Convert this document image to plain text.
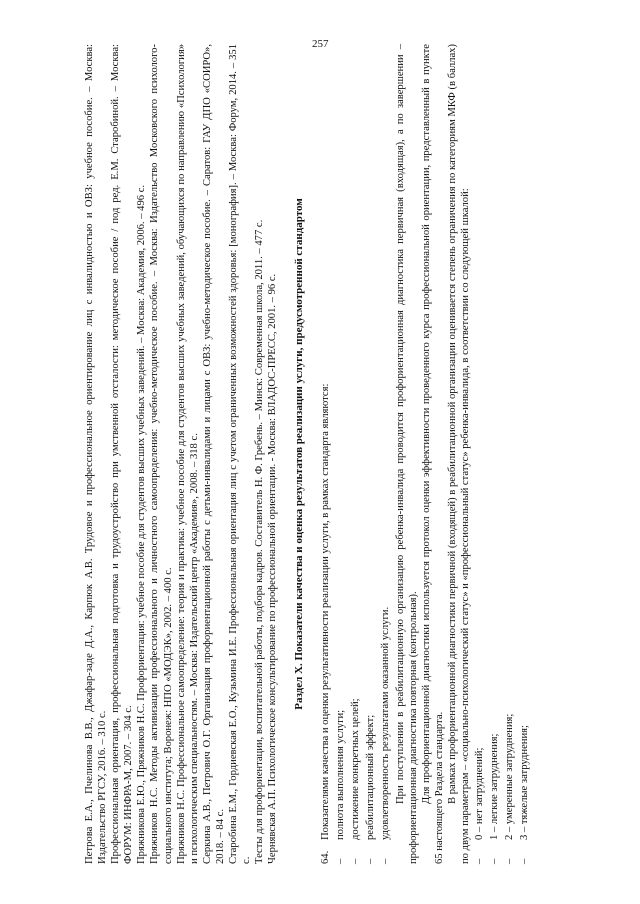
257

Петрова Е.А., Пчелинова В.В., Джафар-заде Д.А., Карпюк А.В. Трудовое и профессиональное ориентирование лиц с инвалидностью и ОВЗ: учебное пособие. – Москва: Издательство РГСУ, 2016. – 310 с. Профессиональная ориентация, профессиональная подготовка и трудоустройство при умственной отсталости: методическое пособие / под ред. Е.М. Старобиной. – Москва: ФОРУМ: ИНФРА-М, 2007. – 304 с. Пряжникова Е.Ю., Пряжников Н.С. Профориентация: учебное пособие для студентов высших учебных заведений. – Москва: Академия, 2006. – 496 с. Пряжников Н.С. Методы активизации профессионального и личностного самоопределения: учебно-методическое пособие. – Москва: Издательство Московского психолого-социального института; Воронеж: НПО «МОДЭК», 2002. – 400 с. Пряжников Н.С. Профессиональное самоопределение: теория и практика: учебное пособие для студентов высших учебных заведений, обучающихся по направлению «Психология» и психологическим специальностям. – Москва: Издательский центр «Академия», 2008. – 318 с. Серкина А.В., Петрович О.Г. Организация профориентационной работы с детьми-инвалидами и лицами с ОВЗ: учебно-методическое пособие. – Саратов: ГАУ ДПО «СОИРО», 2018. – 84 с. Старобина Е.М., Гордиевская Е.О., Кузьмина И.Е. Профессиональная ориентация лиц с учетом ограниченных возможностей здоровья: [монография]. – Москва: Форум, 2014. – 351 с. Тесты для профориентации, воспитательной работы, подбора кадров. Составитель Н. Ф. Гребень. – Минск: Современная школа, 2011. – 477 с. Чернявская А.П. Психологическое консультирование по профессиональной ориентации. - Москва: ВЛАДОС-ПРЕСС, 2001. – 96 с. Раздел X. Показатели качества и оценка результатов реализации услуги, предусмотренной стандартом
64.
Показателями качества и оценки результативности реализации услуги, в рамках стандарта являются:
–
полнота выполнения услуги;
–
достижение конкретных целей;
–
реабилитационный эффект;
–
удовлетворенность результатами оказанной услуги. При поступлении в реабилитационную организацию ребенка-инвалида проводится профориентационная диагностика первичная (входящая), а по завершении – профориентационная диагностика повторная (контрольная). Для профориентационной диагностики используется протокол оценки эффективности проведенного курса профессиональной ориентации, представленный в пункте 65 настоящего Раздела стандарта. В рамках профориентационной диагностики первичной (входящей) в реабилитационной организации оценивается степень ограничения по категориям МКФ (в баллах) по двум параметрам – «социально-психологический статус» и «профессиональный статус» ребенка-инвалида, в соответствии со следующей шкалой: –
0 – нет затруднений;
–
1 – легкие затруднения;
–
2 – умеренные затруднения;
–
3 – тяжелые затруднения;
